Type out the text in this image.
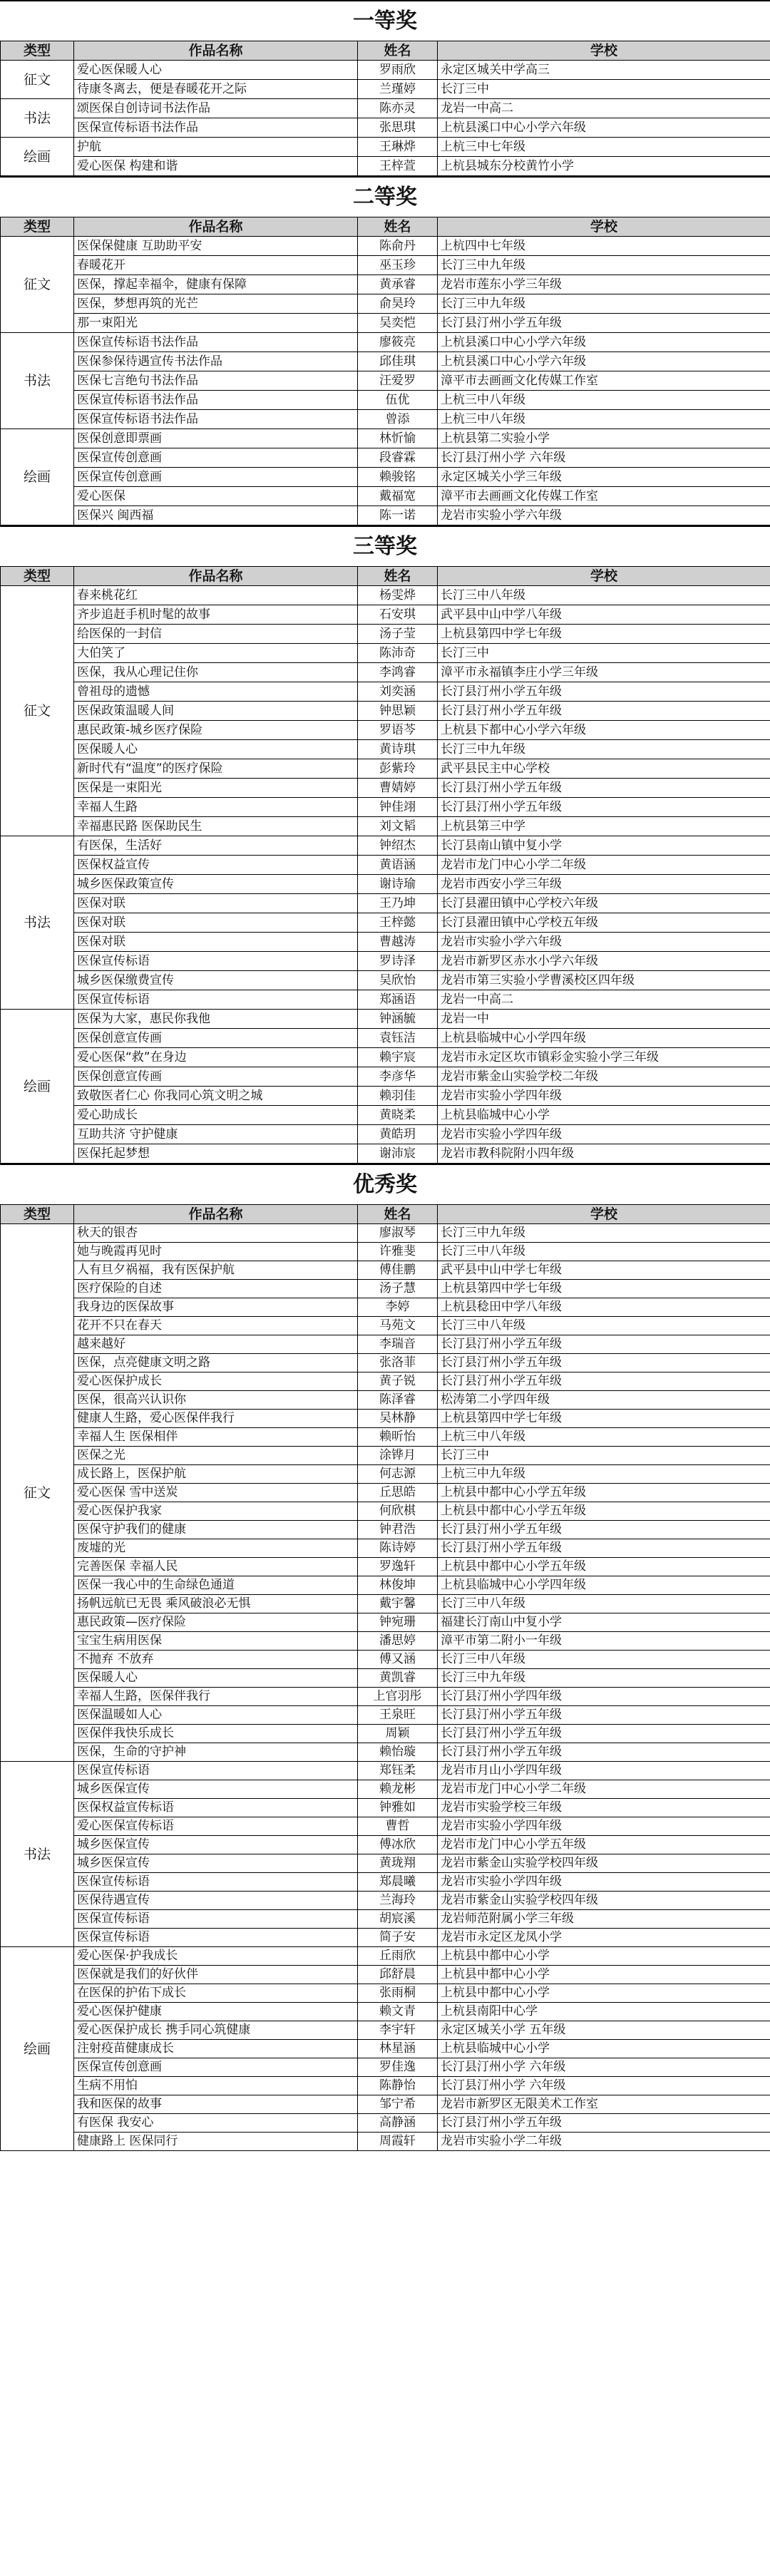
一等奖
类型	作品名称	姓名	学校
征文	爱心医保暖人心	罗雨欣	永定区城关中学高三
	待康冬离去，便是春暖花开之际	兰瑾婷	长汀三中
书法	颂医保自创诗词书法作品	陈亦灵	龙岩一中高二
	医保宣传标语书法作品	张思琪	上杭县溪口中心小学六年级
绘画	护航	王琳烨	上杭三中七年级
	爱心医保 构建和谐	王梓萱	上杭县城东分校黄竹小学
二等奖
类型	作品名称	姓名	学校
征文	医保保健康 互助助平安	陈俞丹	上杭四中七年级
	春暖花开	巫玉珍	长汀三中九年级
	医保，撑起幸福伞，健康有保障	黄承睿	龙岩市莲东小学三年级
	医保，梦想再筑的光芒	俞昊玲	长汀三中九年级
	那一束阳光	吴奕恺	长汀县汀州小学五年级
书法	医保宣传标语书法作品	廖筱亮	上杭县溪口中心小学六年级
	医保参保待遇宣传书法作品	邱佳琪	上杭县溪口中心小学六年级
	医保七言绝句书法作品	汪爱罗	漳平市去画画文化传媒工作室
	医保宣传标语书法作品	伍优	上杭三中八年级
	医保宣传标语书法作品	曾添	上杭三中八年级
绘画	医保创意即票画	林忻愉	上杭县第二实验小学
	医保宣传创意画	段睿霖	长汀县汀州小学 六年级
	医保宣传创意画	赖骏铭	永定区城关小学三年级
	爱心医保	戴福宽	漳平市去画画文化传媒工作室
	医保兴 闽西福	陈一诺	龙岩市实验小学六年级
三等奖
类型	作品名称	姓名	学校
征文	春来桃花红	杨雯烨	长汀三中八年级
	齐步追赶手机时髦的故事	石安琪	武平县中山中学八年级
	给医保的一封信	汤子莹	上杭县第四中学七年级
	大伯笑了	陈沛奇	长汀三中
	医保，我从心理记住你	李鸿睿	漳平市永福镇李庄小学三年级
	曾祖母的遗憾	刘奕涵	长汀县汀州小学五年级
	医保政策温暖人间	钟思颖	长汀县汀州小学五年级
	惠民政策-城乡医疗保险	罗语芩	上杭县下都中心小学六年级
	医保暖人心	黄诗琪	长汀三中九年级
	新时代有“温度”的医疗保险	彭紫玲	武平县民主中心学校
	医保是一束阳光	曹婧婷	长汀县汀州小学五年级
	幸福人生路	钟佳翊	长汀县汀州小学五年级
	幸福惠民路 医保助民生	刘文韬	上杭县第三中学
书法	有医保，生活好	钟绍杰	长汀县南山镇中复小学
	医保权益宣传	黄语涵	龙岩市龙门中心小学二年级
	城乡医保政策宣传	谢诗瑜	龙岩市西安小学三年级
	医保对联	王乃坤	长汀县濯田镇中心学校六年级
	医保对联	王梓懿	长汀县濯田镇中心学校五年级
	医保对联	曹越涛	龙岩市实验小学六年级
	医保宣传标语	罗诗泽	龙岩市新罗区赤水小学六年级
	城乡医保缴费宣传	吴欣怡	龙岩市第三实验小学曹溪校区四年级
	医保宣传标语	郑涵语	龙岩一中高二
绘画	医保为大家，惠民你我他	钟涵毓	龙岩一中
	医保创意宣传画	袁钰洁	上杭县临城中心小学四年级
	爱心医保“救”在身边	赖宇宸	龙岩市永定区坎市镇彩金实验小学三年级
	医保创意宣传画	李彦华	龙岩市紫金山实验学校二年级
	致敬医者仁心 你我同心筑文明之城	赖羽佳	龙岩市实验小学四年级
	爱心助成长	黄晓柔	上杭县临城中心小学
	互助共济 守护健康	黄皓玥	龙岩市实验小学四年级
	医保托起梦想	谢沛宸	龙岩市教科院附小四年级
优秀奖
类型	作品名称	姓名	学校
征文	秋天的银杏	廖淑琴	长汀三中九年级
	她与晚霞再见时	许雅斐	长汀三中八年级
	人有旦夕祸福，我有医保护航	傅佳鹏	武平县中山中学七年级
	医疗保险的自述	汤子慧	上杭县第四中学七年级
	我身边的医保故事	李婷	上杭县稔田中学八年级
	花开不只在春天	马苑文	长汀三中八年级
	越来越好	李瑞音	长汀县汀州小学五年级
	医保，点亮健康文明之路	张洛菲	长汀县汀州小学五年级
	爱心医保护成长	黄子锐	长汀县汀州小学五年级
	医保，很高兴认识你	陈泽睿	松涛第二小学四年级
	健康人生路，爱心医保伴我行	吴林静	上杭县第四中学七年级
	幸福人生 医保相伴	赖昕怡	上杭三中八年级
	医保之光	涂铧月	长汀三中
	成长路上，医保护航	何志源	上杭三中九年级
	爱心医保 雪中送炭	丘思皓	上杭县中都中心小学五年级
	爱心医保护我家	何欣棋	上杭县中都中心小学五年级
	医保守护我们的健康	钟君浩	长汀县汀州小学五年级
	废墟的光	陈诗婷	长汀县汀州小学五年级
	完善医保 幸福人民	罗逸轩	上杭县中都中心小学五年级
	医保一我心中的生命绿色通道	林俊坤	上杭县临城中心小学四年级
	扬帆远航已无畏 乘风破浪必无惧	戴宇馨	长汀三中八年级
	惠民政策—医疗保险	钟宛珊	福建长汀南山中复小学
	宝宝生病用医保	潘思婷	漳平市第二附小一年级
	不抛弃 不放弃	傅又涵	长汀三中八年级
	医保暖人心	黄凯睿	长汀三中九年级
	幸福人生路，医保伴我行	上官羽彤	长汀县汀州小学四年级
	医保温暖如人心	王泉旺	长汀县汀州小学五年级
	医保伴我快乐成长	周颖	长汀县汀州小学五年级
	医保，生命的守护神	赖怡璇	长汀县汀州小学五年级
书法	医保宣传标语	郑钰柔	龙岩市月山小学四年级
	城乡医保宣传	赖龙彬	龙岩市龙门中心小学二年级
	医保权益宣传标语	钟雅如	龙岩市实验学校三年级
	爱心医保宣传标语	曹哲	龙岩市实验小学四年级
	城乡医保宣传	傅冰欣	龙岩市龙门中心小学五年级
	城乡医保宣传	黄珑翔	龙岩市紫金山实验学校四年级
	医保宣传标语	郑晨曦	龙岩市实验小学四年级
	医保待遇宣传	兰海玲	龙岩市紫金山实验学校四年级
	医保宣传标语	胡宸溪	龙岩师范附属小学三年级
	医保宣传标语	简子安	龙岩市永定区龙凤小学
绘画	爱心医保·护我成长	丘雨欣	上杭县中都中心小学
	医保就是我们的好伙伴	邱舒晨	上杭县中都中心小学
	在医保的护佑下成长	张雨桐	上杭县中都中心小学
	爱心医保护健康	赖文青	上杭县南阳中心学
	爱心医保护成长 携手同心筑健康	李宇轩	永定区城关小学 五年级
	注射疫苗健康成长	林星涵	上杭县临城中心小学
	医保宣传创意画	罗佳逸	长汀县汀州小学 六年级
	生病不用怕	陈静怡	长汀县汀州小学 六年级
	我和医保的故事	邹宁希	龙岩市新罗区无限美术工作室
	有医保 我安心	高静涵	长汀县汀州小学五年级
	健康路上 医保同行	周霞轩	龙岩市实验小学二年级
